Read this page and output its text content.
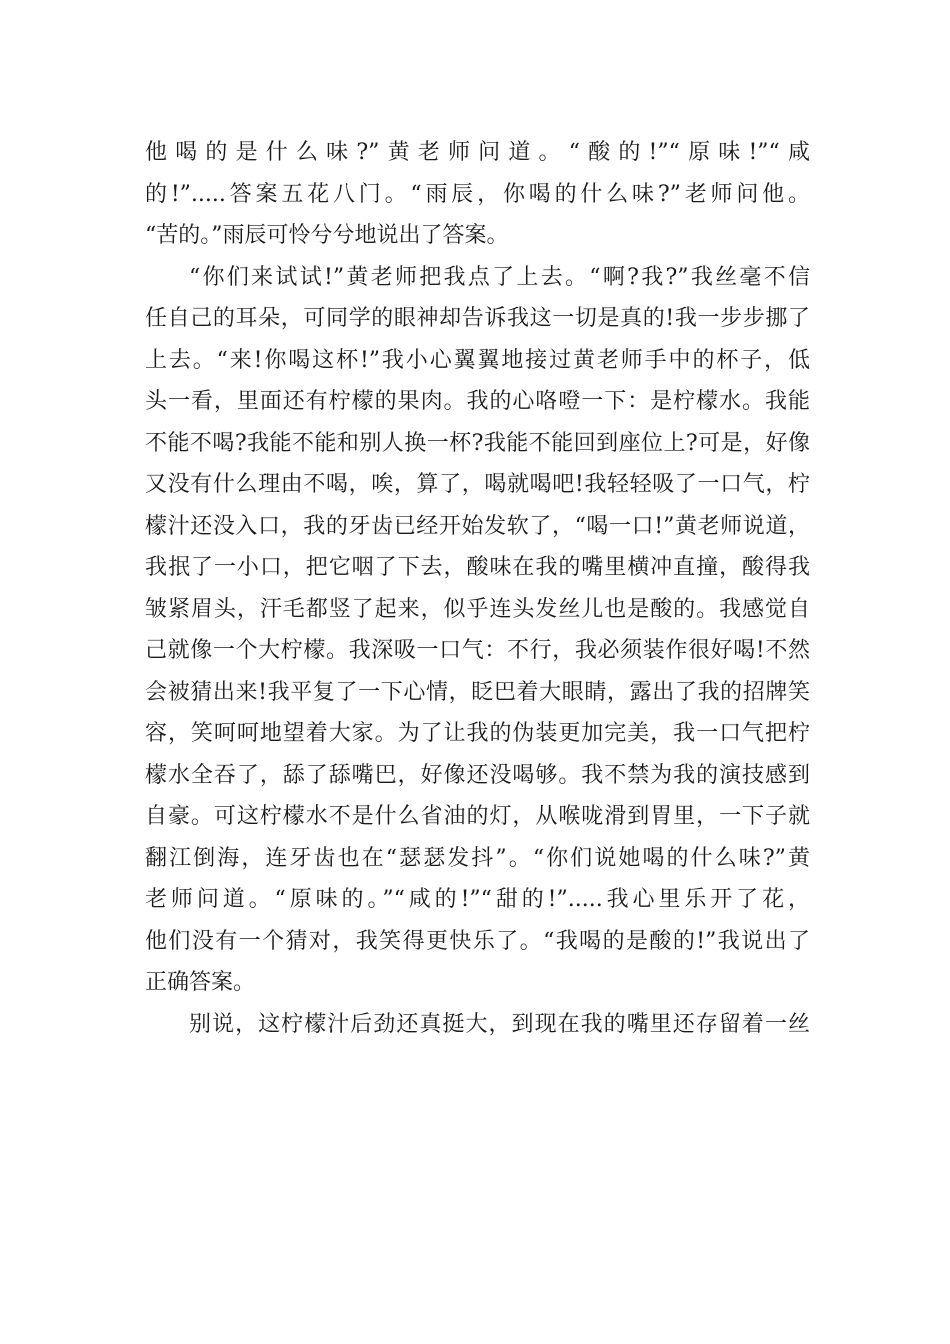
他喝的是什么味?”黄老师问道。“酸的!”“原味!”“咸
的!”.....答案五花八门。“雨辰，你喝的什么味?”老师问他。
“苦的。”雨辰可怜兮兮地说出了答案。
“你们来试试!”黄老师把我点了上去。“啊?我?”我丝毫不信
任自己的耳朵，可同学的眼神却告诉我这一切是真的!我一步步挪了
上去。“来!你喝这杯!”我小心翼翼地接过黄老师手中的杯子，低
头一看，里面还有柠檬的果肉。我的心咯噔一下：是柠檬水。我能
不能不喝?我能不能和别人换一杯?我能不能回到座位上?可是，好像
又没有什么理由不喝，唉，算了，喝就喝吧!我轻轻吸了一口气，柠
檬汁还没入口，我的牙齿已经开始发软了，“喝一口!”黄老师说道，
我抿了一小口，把它咽了下去，酸味在我的嘴里横冲直撞，酸得我
皱紧眉头，汗毛都竖了起来，似乎连头发丝儿也是酸的。我感觉自
己就像一个大柠檬。我深吸一口气：不行，我必须装作很好喝!不然
会被猜出来!我平复了一下心情，眨巴着大眼睛，露出了我的招牌笑
容，笑呵呵地望着大家。为了让我的伪装更加完美，我一口气把柠
檬水全吞了，舔了舔嘴巴，好像还没喝够。我不禁为我的演技感到
自豪。可这柠檬水不是什么省油的灯，从喉咙滑到胃里，一下子就
翻江倒海，连牙齿也在“瑟瑟发抖”。“你们说她喝的什么味?”黄
老师问道。“原味的。”“咸的!”“甜的!”.....我心里乐开了花，
他们没有一个猜对，我笑得更快乐了。“我喝的是酸的!”我说出了
正确答案。
别说，这柠檬汁后劲还真挺大，到现在我的嘴里还存留着一丝
